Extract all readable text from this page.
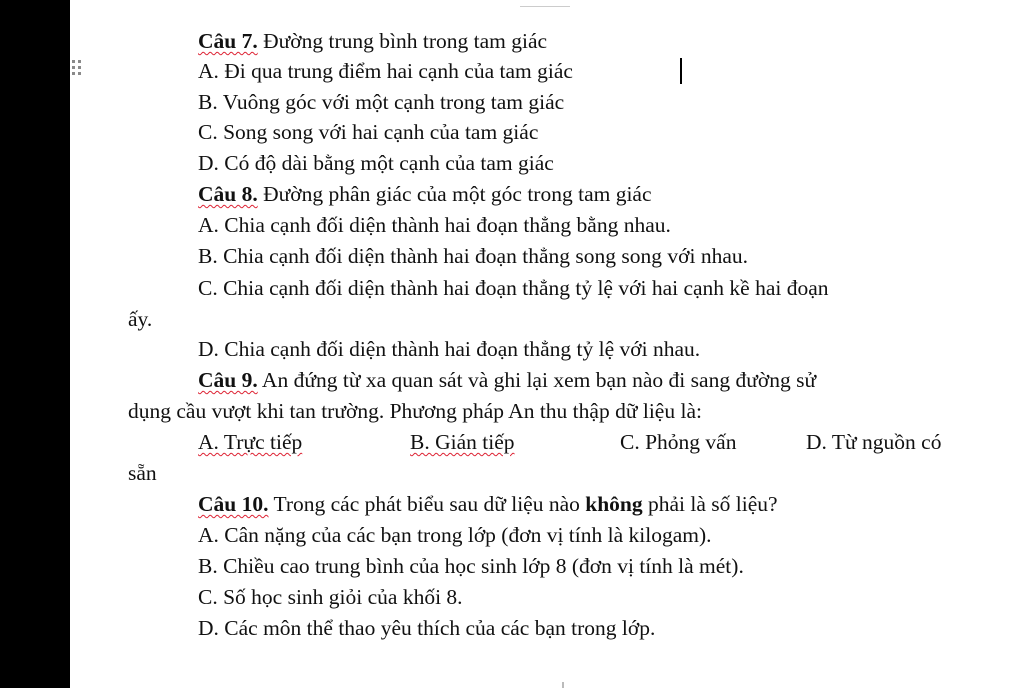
Câu 7. Đường trung bình trong tam giác
A. Đi qua trung điểm hai cạnh của tam giác
B. Vuông góc với một cạnh trong tam giác
C. Song song với hai cạnh của tam giác
D. Có độ dài bằng một cạnh của tam giác
Câu 8. Đường phân giác của một góc trong tam giác
A. Chia cạnh đối diện thành hai đoạn thẳng bằng nhau.
B. Chia cạnh đối diện thành hai đoạn thẳng song song với nhau.
C. Chia cạnh đối diện thành hai đoạn thẳng tỷ lệ với hai cạnh kề hai đoạn
ấy.
D. Chia cạnh đối diện thành hai đoạn thẳng tỷ lệ với nhau.
Câu 9. An đứng từ xa quan sát và ghi lại xem bạn nào đi sang đường sử
dụng cầu vượt khi tan trường. Phương pháp An thu thập dữ liệu là:
A. Trực tiếp	B. Gián tiếp	C. Phỏng vấn	D. Từ nguồn có
sẵn
Câu 10. Trong các phát biểu sau dữ liệu nào không phải là số liệu?
A. Cân nặng của các bạn trong lớp (đơn vị tính là kilogam).
B. Chiều cao trung bình của học sinh lớp 8 (đơn vị tính là mét).
C. Số học sinh giỏi của khối 8.
D. Các môn thể thao yêu thích của các bạn trong lớp.
